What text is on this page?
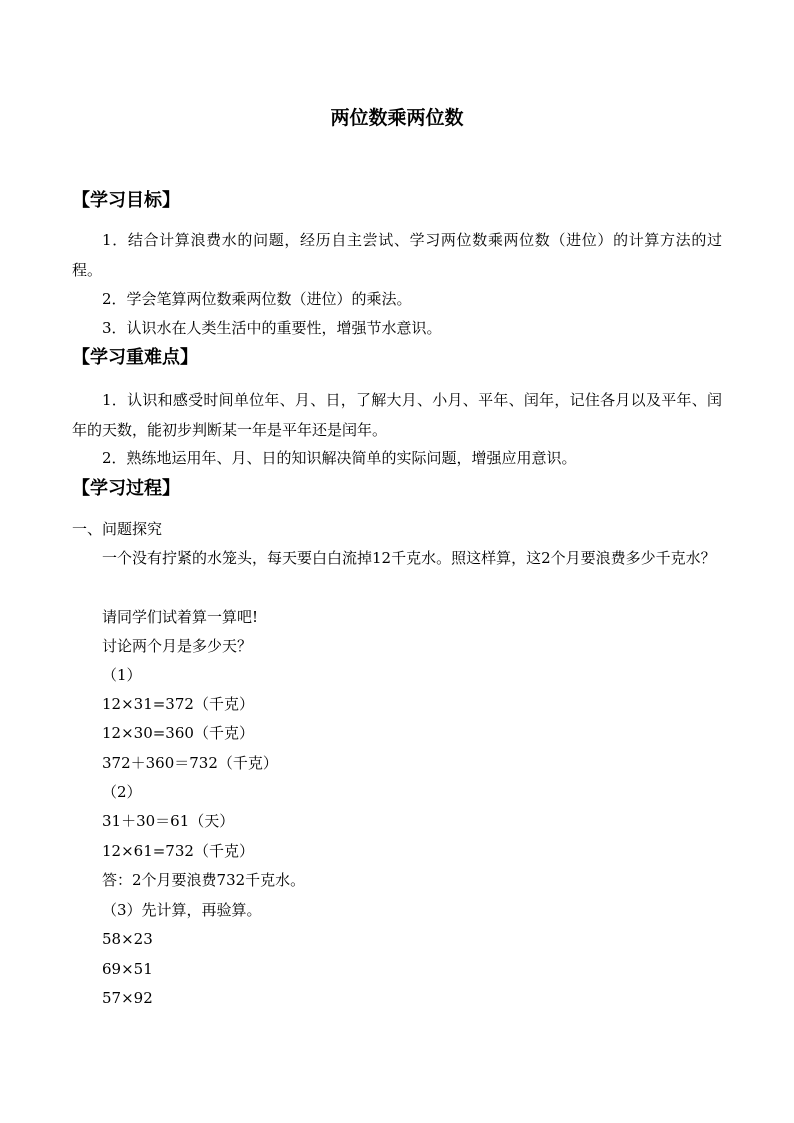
两位数乘两位数
【学习目标】
1．结合计算浪费水的问题，经历自主尝试、学习两位数乘两位数（进位）的计算方法的过程。
2．学会笔算两位数乘两位数（进位）的乘法。
3．认识水在人类生活中的重要性，增强节水意识。
【学习重难点】
1．认识和感受时间单位年、月、日，了解大月、小月、平年、闰年，记住各月以及平年、闰年的天数，能初步判断某一年是平年还是闰年。
2．熟练地运用年、月、日的知识解决简单的实际问题，增强应用意识。
【学习过程】
一、问题探究
一个没有拧紧的水笼头，每天要白白流掉12千克水。照这样算，这2个月要浪费多少千克水？
请同学们试着算一算吧!
讨论两个月是多少天？
（1）
12×31=372（千克）
12×30=360（千克）
372＋360＝732（千克）
（2）
31＋30＝61（天）
12×61=732（千克）
答：2个月要浪费732千克水。
（3）先计算，再验算。
58×23
69×51
57×92
